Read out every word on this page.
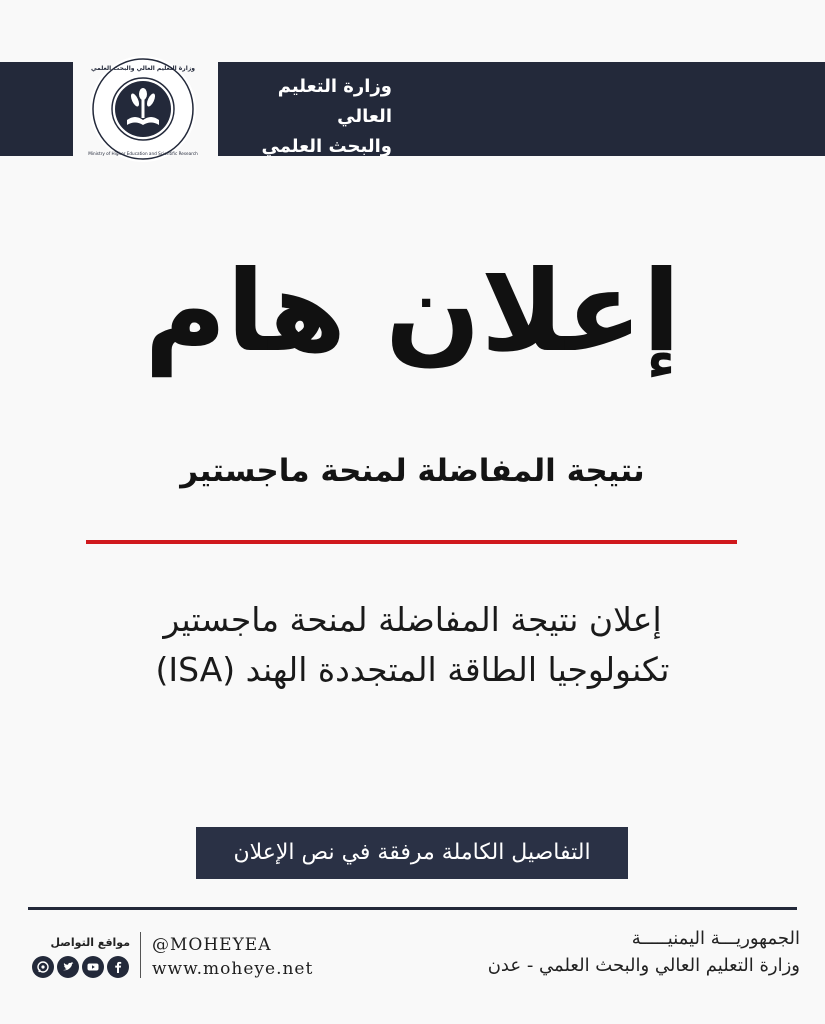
وزارة التعليم العالي والبحث العلمي
Ministry of Higher Education and Scientific Research
وزارة التعليم العالي
والبحث العلمي
إعلان هام
نتيجة المفاضلة لمنحة ماجستير
إعلان نتيجة المفاضلة لمنحة ماجستير
تكنولوجيا الطاقة المتجددة الهند (ISA)
التفاصيل الكاملة مرفقة في نص الإعلان
الجمهوريـــة اليمنيـــــة
وزارة التعليم العالي والبحث العلمي - عدن
@MOHEYEA
www.moheye.net
مواقع التواصل
